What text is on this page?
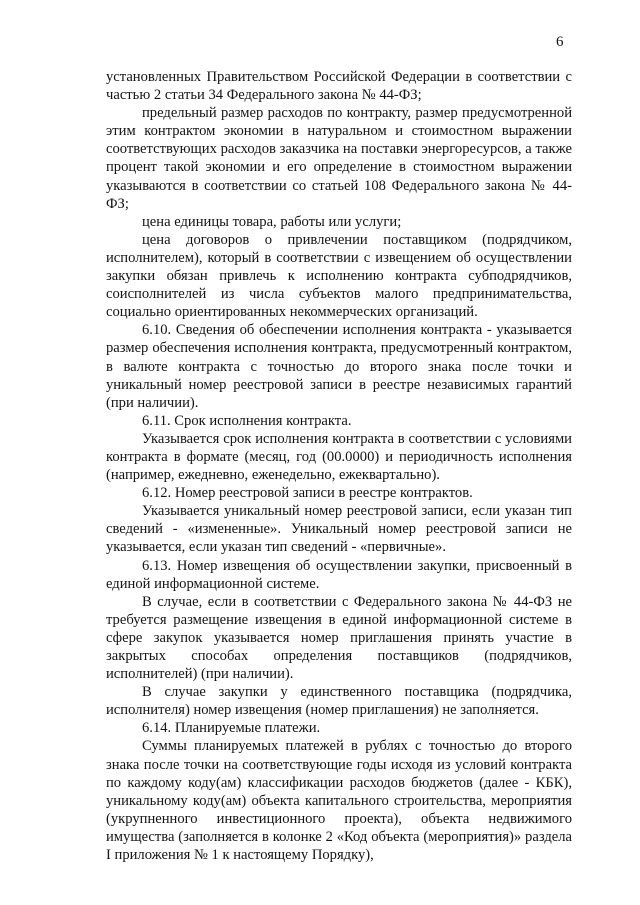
6

установленных Правительством Российской Федерации в соответствии с частью 2 статьи 34 Федерального закона № 44-ФЗ;

предельный размер расходов по контракту, размер предусмотренной этим контрактом экономии в натуральном и стоимостном выражении соответствующих расходов заказчика на поставки энергоресурсов, а также процент такой экономии и его определение в стоимостном выражении указываются в соответствии со статьей 108 Федерального закона № 44-ФЗ;

цена единицы товара, работы или услуги;

цена договоров о привлечении поставщиком (подрядчиком, исполнителем), который в соответствии с извещением об осуществлении закупки обязан привлечь к исполнению контракта субподрядчиков, соисполнителей из числа субъектов малого предпринимательства, социально ориентированных некоммерческих организаций.

6.10. Сведения об обеспечении исполнения контракта - указывается размер обеспечения исполнения контракта, предусмотренный контрактом, в валюте контракта с точностью до второго знака после точки и уникальный номер реестровой записи в реестре независимых гарантий (при наличии).

6.11. Срок исполнения контракта.

Указывается срок исполнения контракта в соответствии с условиями контракта в формате (месяц, год (00.0000) и периодичность исполнения (например, ежедневно, еженедельно, ежеквартально).

6.12. Номер реестровой записи в реестре контрактов.

Указывается уникальный номер реестровой записи, если указан тип сведений - «измененные». Уникальный номер реестровой записи не указывается, если указан тип сведений - «первичные».

6.13. Номер извещения об осуществлении закупки, присвоенный в единой информационной системе.

В случае, если в соответствии с Федерального закона № 44-ФЗ не требуется размещение извещения в единой информационной системе в сфере закупок указывается номер приглашения принять участие в закрытых способах определения поставщиков (подрядчиков, исполнителей) (при наличии).

В случае закупки у единственного поставщика (подрядчика, исполнителя) номер извещения (номер приглашения) не заполняется.

6.14. Планируемые платежи.

Суммы планируемых платежей в рублях с точностью до второго знака после точки на соответствующие годы исходя из условий контракта по каждому коду(ам) классификации расходов бюджетов (далее - КБК), уникальному коду(ам) объекта капитального строительства, мероприятия (укрупненного инвестиционного проекта), объекта недвижимого имущества (заполняется в колонке 2 «Код объекта (мероприятия)» раздела I приложения № 1 к настоящему Порядку),
